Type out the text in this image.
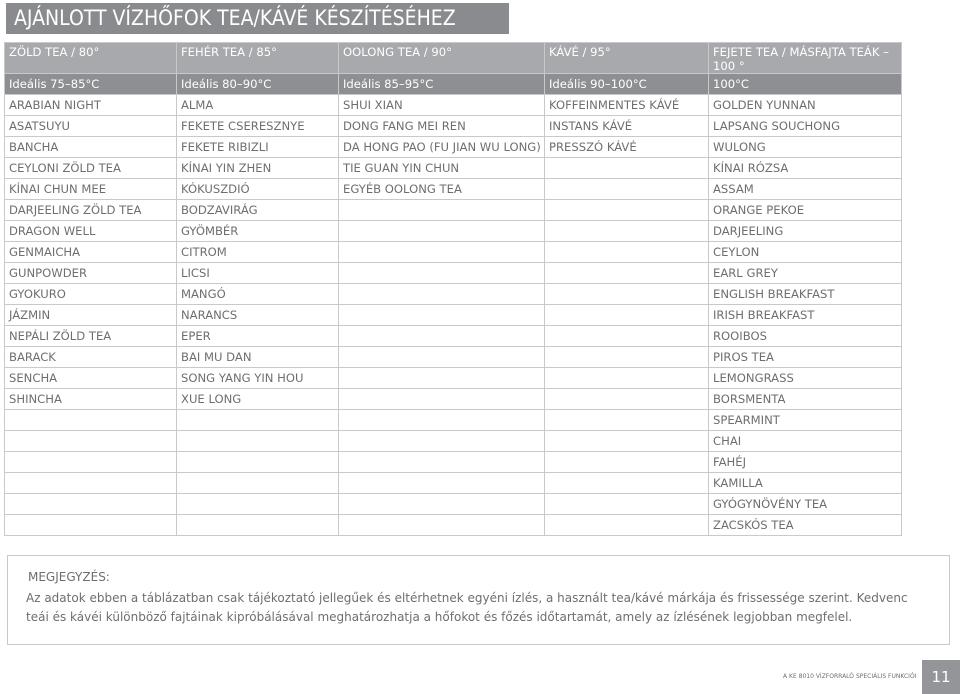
AJÁNLOTT VÍZHŐFOK TEA/KÁVÉ KÉSZÍTÉSÉHEZ
ZÖLD TEA / 80°	FEHÉR TEA / 85°	OOLONG TEA / 90°	KÁVÉ / 95°	FEJETE TEA / MÁSFAJTA TEÁK – 100 °
Ideális 75–85°C	Ideális 80–90°C	Ideális 85–95°C	Ideális 90–100°C	100°C
ARABIAN NIGHT	ALMA	SHUI XIAN	KOFFEINMENTES KÁVÉ	GOLDEN YUNNAN
ASATSUYU	FEKETE CSERESZNYE	DONG FANG MEI REN	INSTANS KÁVÉ	LAPSANG SOUCHONG
BANCHA	FEKETE RIBIZLI	DA HONG PAO (FU JIAN WU LONG)	PRESSZÓ KÁVÉ	WULONG
CEYLONI ZÖLD TEA	KÍNAI YIN ZHEN	TIE GUAN YIN CHUN		KÍNAI RÓZSA
KÍNAI CHUN MEE	KÓKUSZDIÓ	EGYÉB OOLONG TEA		ASSAM
DARJEELING ZÖLD TEA	BODZAVIRÁG			ORANGE PEKOE
DRAGON WELL	GYÖMBÉR			DARJEELING
GENMAICHA	CITROM			CEYLON
GUNPOWDER	LICSI			EARL GREY
GYOKURO	MANGÓ			ENGLISH BREAKFAST
JÁZMIN	NARANCS			IRISH BREAKFAST
NEPÁLI ZÖLD TEA	EPER			ROOIBOS
BARACK	BAI MU DAN			PIROS TEA
SENCHA	SONG YANG YIN HOU			LEMONGRASS
SHINCHA	XUE LONG			BORSMENTA
				SPEARMINT
				CHAI
				FAHÉJ
				KAMILLA
				GYÓGYNÖVÉNY TEA
				ZACSKÓS TEA
MEGJEGYZÉS:
Az adatok ebben a táblázatban csak tájékoztató jellegűek és eltérhetnek egyéni ízlés, a használt tea/kávé márkája és frissessége szerint. Kedvenc teái és kávéi különböző fajtáinak kipróbálásával meghatározhatja a hőfokot és főzés időtartamát, amely az ízlésének legjobban megfelel.
A KE 8010 VÍZFORRALÓ SPECIÁLIS FUNKCIÓI	11
